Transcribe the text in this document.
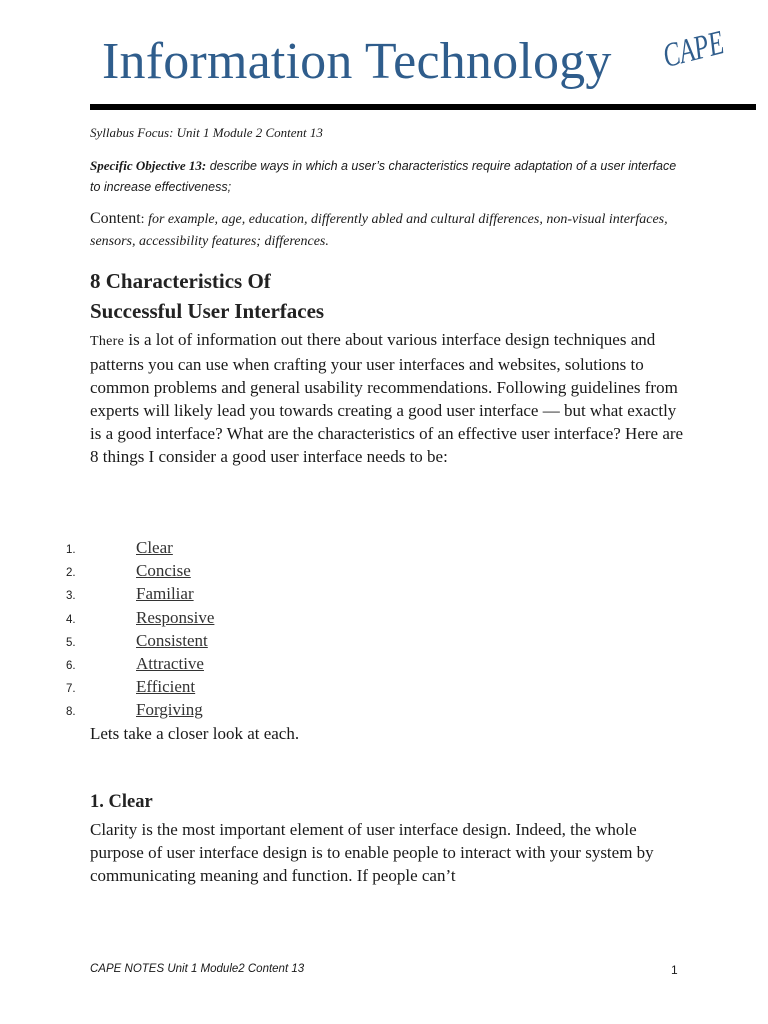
Information Technology CAPE
Syllabus Focus: Unit 1 Module 2 Content 13
Specific Objective 13: describe ways in which a user’s characteristics require adaptation of a user interface to increase effectiveness;
Content: for example, age, education, differently abled and cultural differences, non-visual interfaces, sensors, accessibility features; differences.
8 Characteristics Of
Successful User Interfaces
There is a lot of information out there about various interface design techniques and patterns you can use when crafting your user interfaces and websites, solutions to common problems and general usability recommendations. Following guidelines from experts will likely lead you towards creating a good user interface — but what exactly is a good interface? What are the characteristics of an effective user interface? Here are 8 things I consider a good user interface needs to be:
1.	Clear
2.	Concise
3.	Familiar
4.	Responsive
5.	Consistent
6.	Attractive
7.	Efficient
8.	Forgiving
Lets take a closer look at each.
1. Clear
Clarity is the most important element of user interface design. Indeed, the whole purpose of user interface design is to enable people to interact with your system by communicating meaning and function. If people can’t
CAPE NOTES Unit 1 Module2 Content 13	1
